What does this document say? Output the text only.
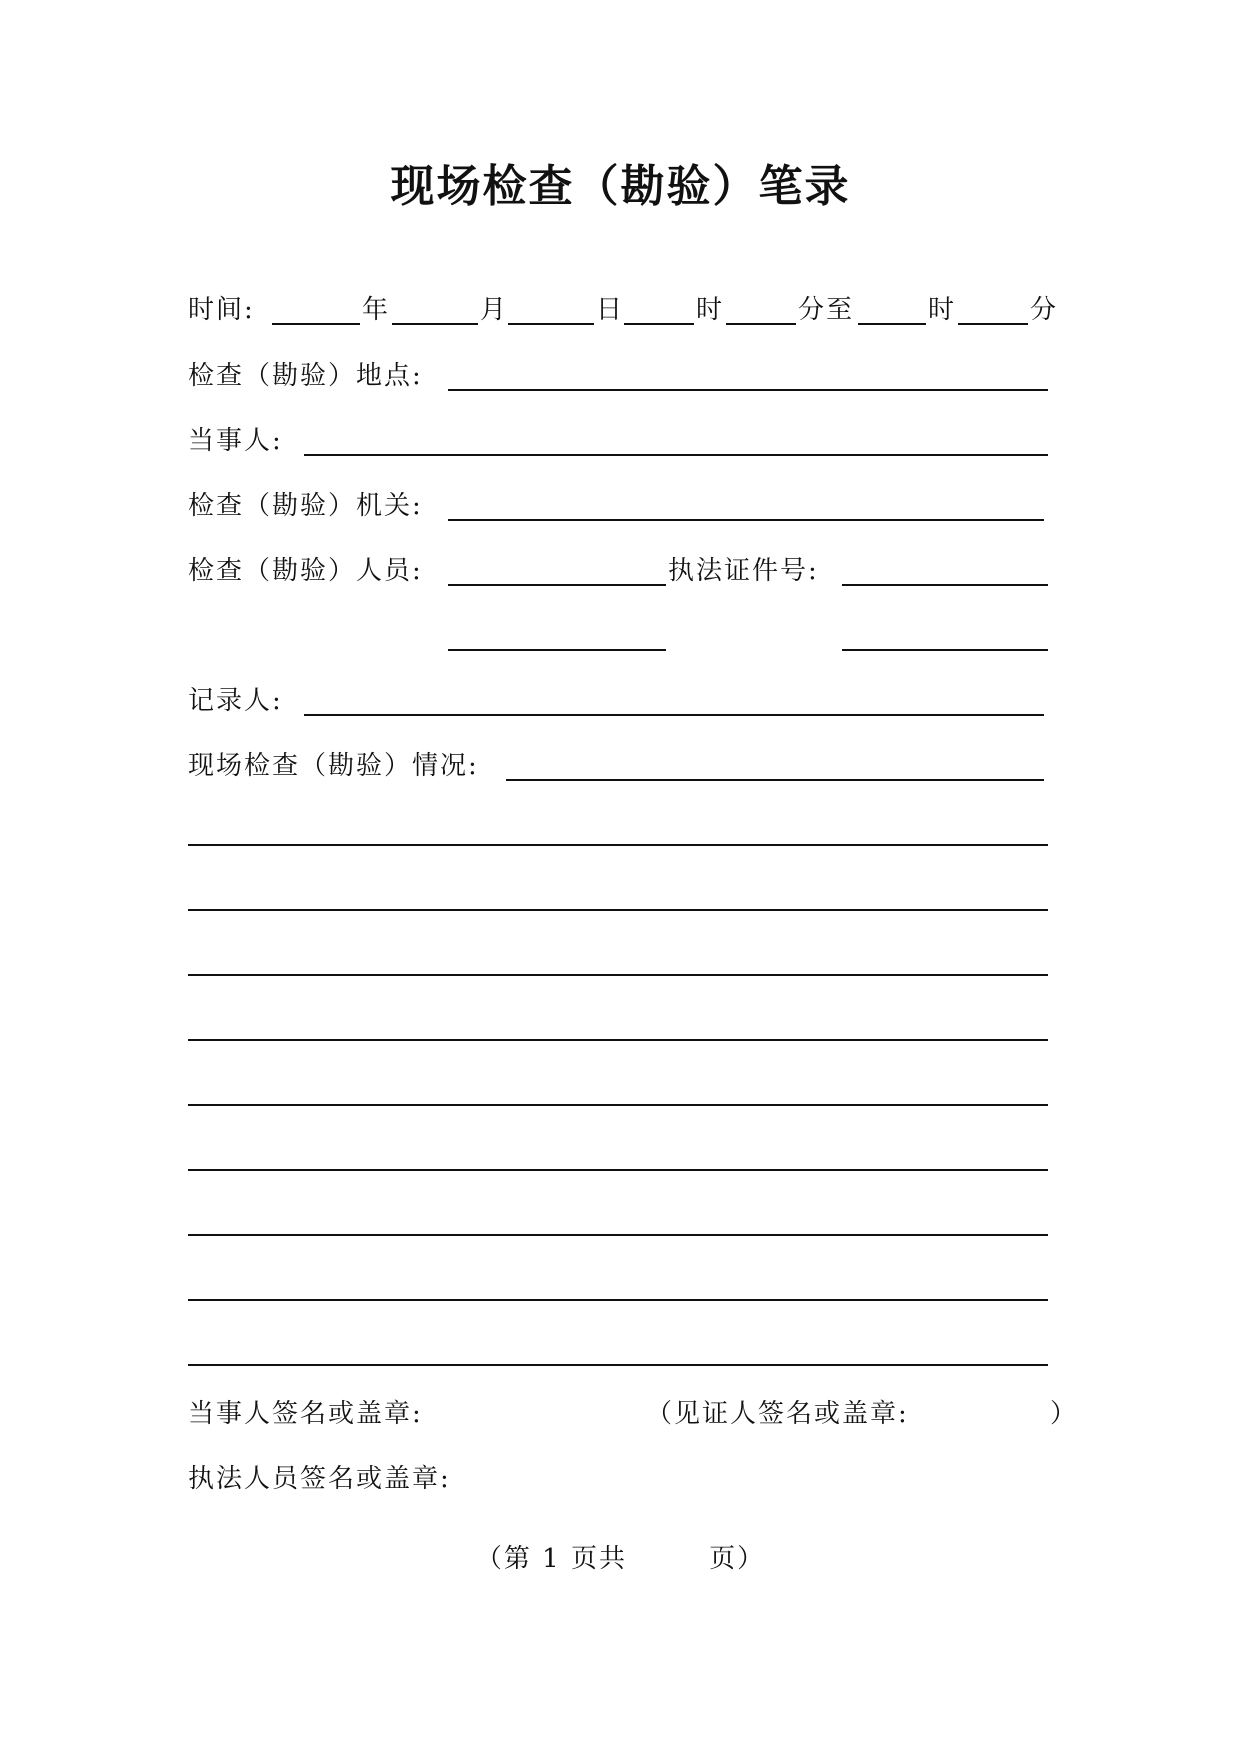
现场检查（勘验）笔录
时间:	年	月	日	时	分至	时	分
检查（勘验）地点:
当事人:
检查（勘验）机关:
检查（勘验）人员:	执法证件号:
记录人:
现场检查（勘验）情况:
当事人签名或盖章:	（见证人签名或盖章:	）
执法人员签名或盖章:
（第 1 页共        页）
